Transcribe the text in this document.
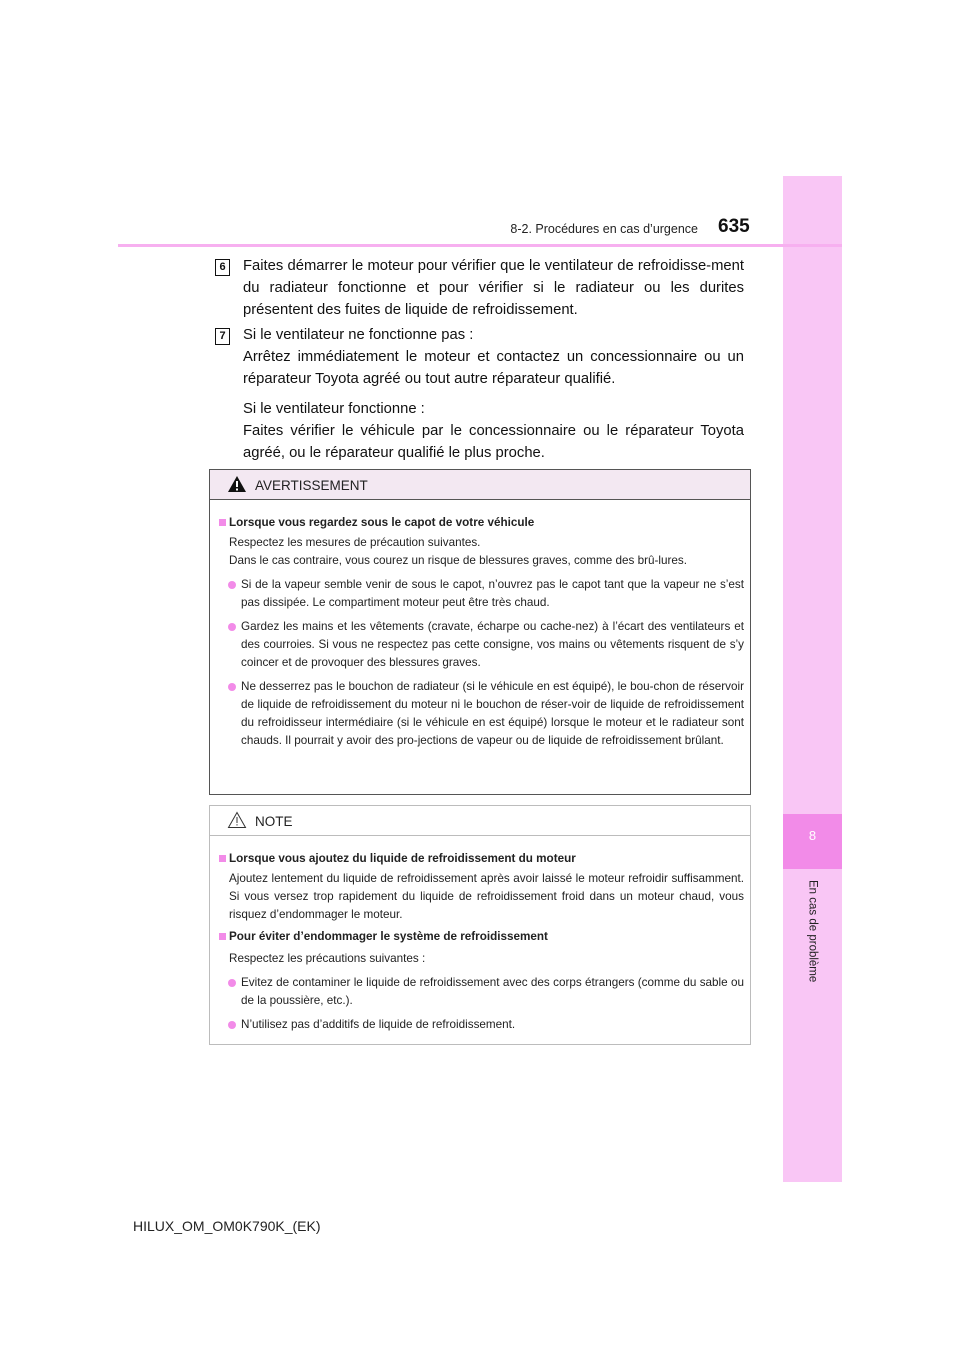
8
En cas de problème
8-2. Procédures en cas d’urgence 635
6 Faites démarrer le moteur pour vérifier que le ventilateur de refroidisse-ment du radiateur fonctionne et pour vérifier si le radiateur ou les durites présentent des fuites de liquide de refroidissement.

7 Si le ventilateur ne fonctionne pas :

Arrêtez immédiatement le moteur et contactez un concessionnaire ou un réparateur Toyota agréé ou tout autre réparateur qualifié.

Si le ventilateur fonctionne :

Faites vérifier le véhicule par le concessionnaire ou le réparateur Toyota agréé, ou le réparateur qualifié le plus proche.

AVERTISSEMENT

Lorsque vous regardez sous le capot de votre véhicule

Respectez les mesures de précaution suivantes.

Dans le cas contraire, vous courez un risque de blessures graves, comme des brû-lures.

Si de la vapeur semble venir de sous le capot, n’ouvrez pas le capot tant que la vapeur ne s’est pas dissipée. Le compartiment moteur peut être très chaud.

Gardez les mains et les vêtements (cravate, écharpe ou cache-nez) à l’écart des ventilateurs et des courroies. Si vous ne respectez pas cette consigne, vos mains ou vêtements risquent de s’y coincer et de provoquer des blessures graves.

Ne desserrez pas le bouchon de radiateur (si le véhicule en est équipé), le bou-chon de réservoir de liquide de refroidissement du moteur ni le bouchon de réser-voir de liquide de refroidissement du refroidisseur intermédiaire (si le véhicule en est équipé) lorsque le moteur et le radiateur sont chauds. Il pourrait y avoir des pro-jections de vapeur ou de liquide de refroidissement brûlant.

NOTE

Lorsque vous ajoutez du liquide de refroidissement du moteur

Ajoutez lentement du liquide de refroidissement après avoir laissé le moteur refroidir suffisamment. Si vous versez trop rapidement du liquide de refroidissement froid dans un moteur chaud, vous risquez d’endommager le moteur.

Pour éviter d’endommager le système de refroidissement

Respectez les précautions suivantes :

Evitez de contaminer le liquide de refroidissement avec des corps étrangers (comme du sable ou de la poussière, etc.).

N’utilisez pas d’additifs de liquide de refroidissement.

HILUX_OM_OM0K790K_(EK)
